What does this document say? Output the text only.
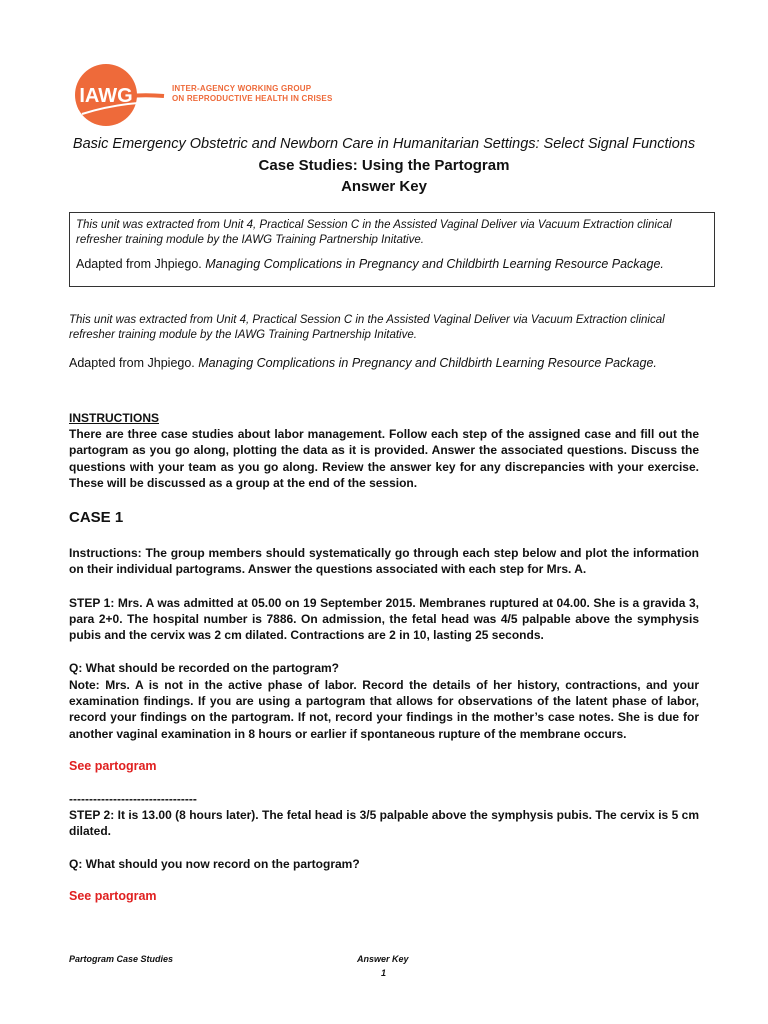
IAWG	INTER-AGENCY WORKING GROUP
ON REPRODUCTIVE HEALTH IN CRISES
Basic Emergency Obstetric and Newborn Care in Humanitarian Settings: Select Signal Functions
Case Studies: Using the Partogram
Answer Key

This unit was extracted from Unit 4, Practical Session C in the Assisted Vaginal Deliver via Vacuum Extraction clinical refresher training module by the IAWG Training Partnership Initative.

Adapted from Jhpiego. Managing Complications in Pregnancy and Childbirth Learning Resource Package.

This unit was extracted from Unit 4, Practical Session C in the Assisted Vaginal Deliver via Vacuum Extraction clinical refresher training module by the IAWG Training Partnership Initative.

Adapted from Jhpiego. Managing Complications in Pregnancy and Childbirth Learning Resource Package.

INSTRUCTIONS
There are three case studies about labor management. Follow each step of the assigned case and fill out the partogram as you go along, plotting the data as it is provided. Answer the associated questions. Discuss the questions with your team as you go along. Review the answer key for any discrepancies with your exercise. These will be discussed as a group at the end of the session.
CASE 1
Instructions: The group members should systematically go through each step below and plot the information on their individual partograms. Answer the questions associated with each step for Mrs. A.
STEP 1: Mrs. A was admitted at 05.00 on 19 September 2015. Membranes ruptured at 04.00. She is a gravida 3, para 2+0. The hospital number is 7886. On admission, the fetal head was 4/5 palpable above the symphysis pubis and the cervix was 2 cm dilated. Contractions are 2 in 10, lasting 25 seconds.
Q: What should be recorded on the partogram?
Note: Mrs. A is not in the active phase of labor. Record the details of her history, contractions, and your examination findings. If you are using a partogram that allows for observations of the latent phase of labor, record your findings on the partogram. If not, record your findings in the mother’s case notes. She is due for another vaginal examination in 8 hours or earlier if spontaneous rupture of the membrane occurs.
See partogram
--------------------------------
STEP 2: It is 13.00 (8 hours later). The fetal head is 3/5 palpable above the symphysis pubis. The cervix is 5 cm dilated.
Q: What should you now record on the partogram?
See partogram
Partogram Case Studies	Answer Key
1
